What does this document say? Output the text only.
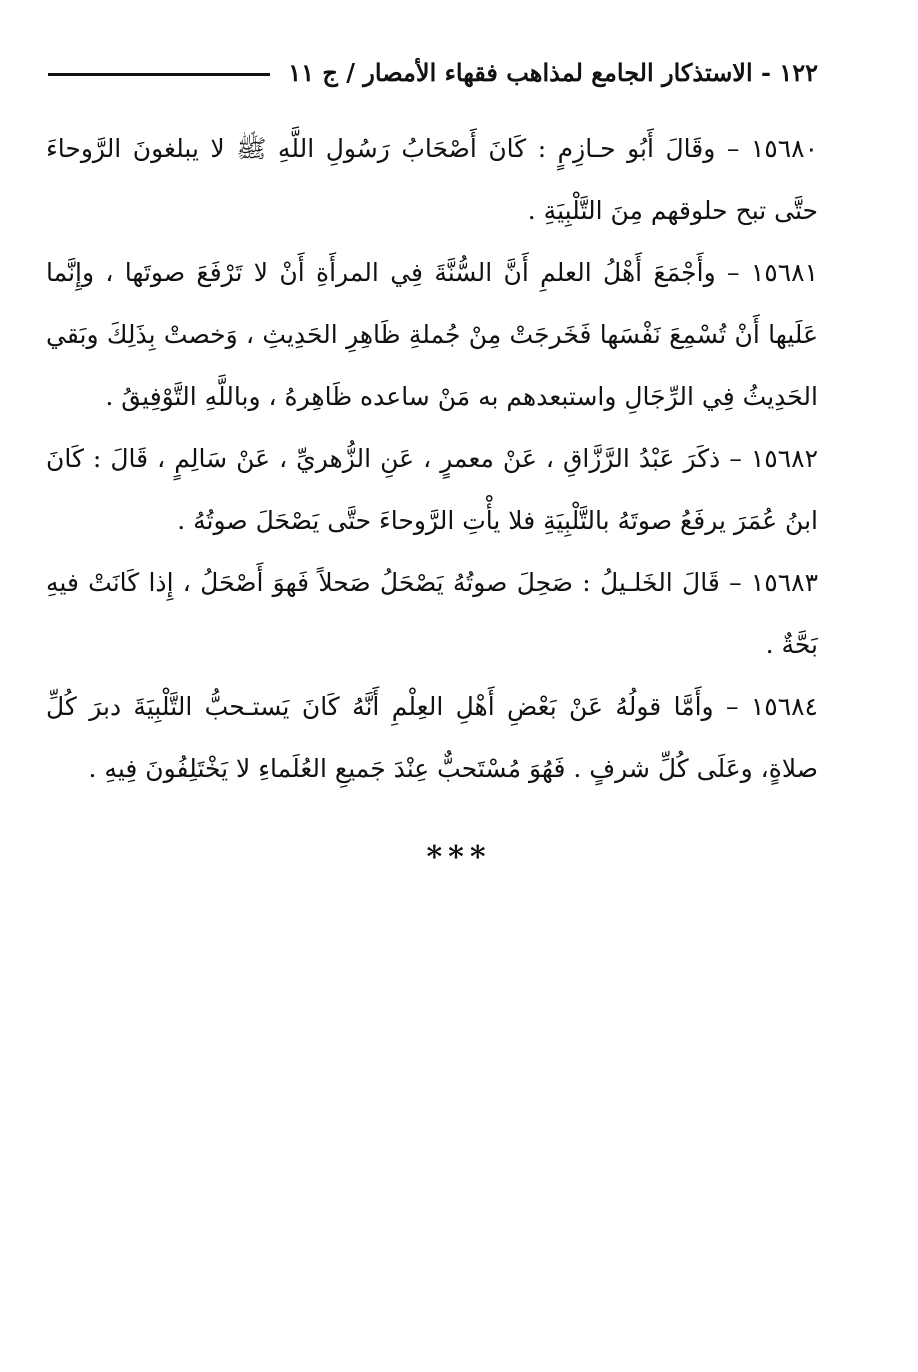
١٢٢ - الاستذكار الجامع لمذاهب فقهاء الأمصار / ج ١١

١٥٦٨٠ – وقَالَ أَبُو حـازِمٍ : كَانَ أَصْحَابُ رَسُولِ اللَّهِ ﷺ لا يبلغونَ الرَّوحاءَ حتَّى تبح حلوقهم مِنَ التَّلْبِيَةِ .

١٥٦٨١ – وأَجْمَعَ أَهْلُ العلمِ أَنَّ السُّنَّةَ فِي المرأَةِ أَنْ لا تَرْفَعَ صوتَها ، وإِنَّما عَلَيها أَنْ تُسْمِعَ نَفْسَها فَخَرجَتْ مِنْ جُملةِ ظَاهِرِ الحَدِيثِ ، وَخصتْ بِذَلِكَ وبَقي الحَدِيثُ فِي الرِّجَالِ واستبعدهم به مَنْ ساعده ظَاهِرهُ ، وباللَّهِ التَّوْفِيقُ .

١٥٦٨٢ – ذكَرَ عَبْدُ الرَّزَّاقِ ، عَنْ معمرٍ ، عَنِ الزُّهريِّ ، عَنْ سَالِمٍ ، قَالَ : كَانَ ابنُ عُمَرَ يرفَعُ صوتَهُ بالتَّلْبِيَةِ فلا يأْتِ الرَّوحاءَ حتَّى يَصْحَلَ صوتُهُ .

١٥٦٨٣ – قَالَ الخَلـيلُ : صَحِلَ صوتُهُ يَصْحَلُ صَحلاً فَهوَ أَصْحَلُ ، إِذا كَانَتْ فيهِ بَحَّةٌ .

١٥٦٨٤ – وأَمَّا قولُهُ عَنْ بَعْضِ أَهْلِ العِلْمِ أَنَّهُ كَانَ يَستـحبُّ التَّلْبِيَةَ دبرَ كُلِّ صلاةٍ، وعَلَى كُلِّ شرفٍ . فَهُوَ مُسْتَحبٌّ عِنْدَ جَميعِ العُلَماءِ لا يَخْتَلِفُونَ فِيهِ .

***
